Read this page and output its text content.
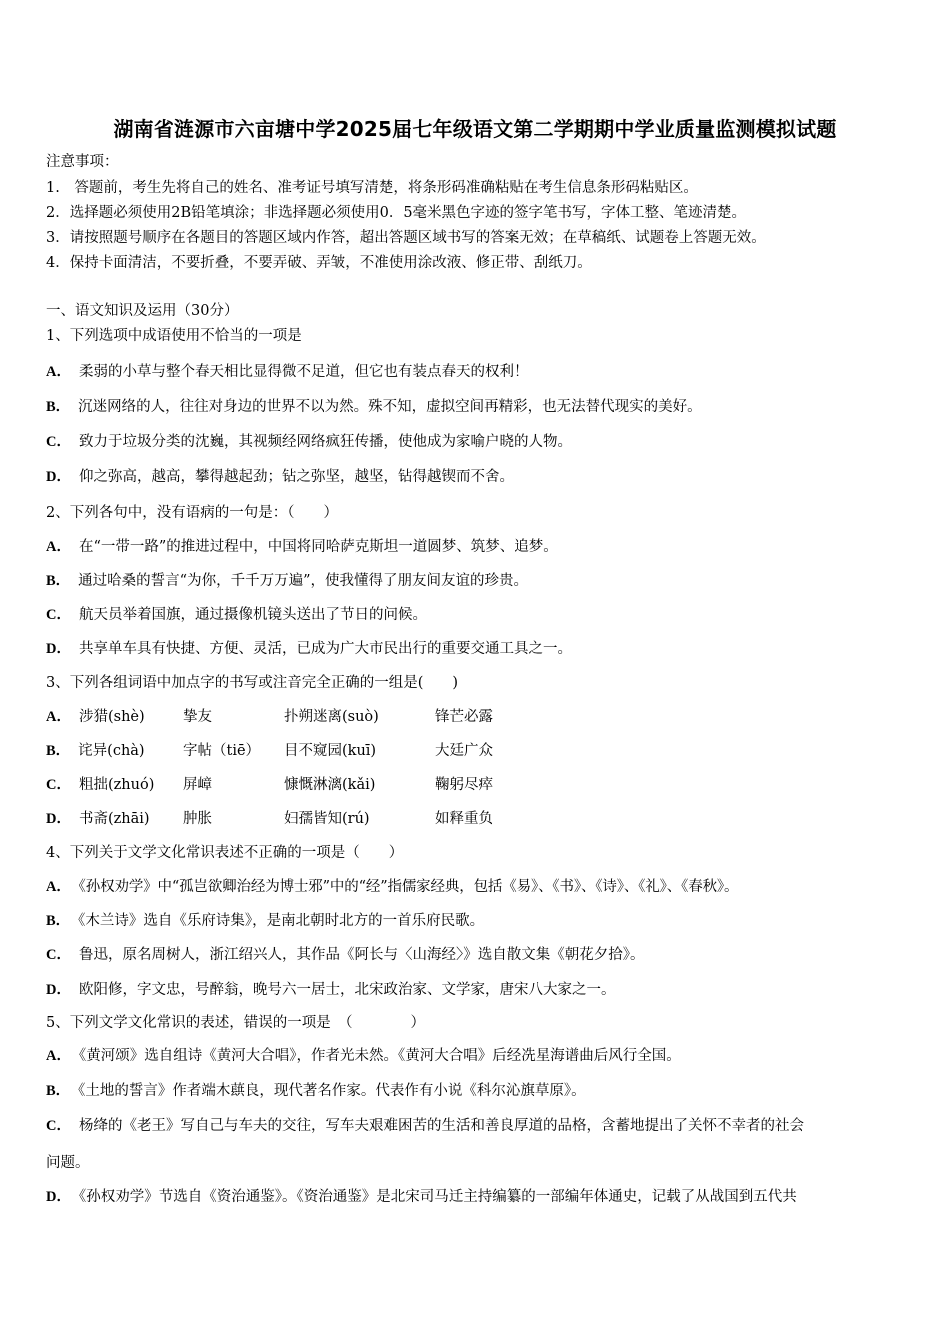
湖南省涟源市六亩塘中学2025届七年级语文第二学期期中学业质量监测模拟试题
注意事项：
1.　答题前，考生先将自己的姓名、准考证号填写清楚，将条形码准确粘贴在考生信息条形码粘贴区。
2．选择题必须使用2B铅笔填涂；非选择题必须使用0．5毫米黑色字迹的签字笔书写，字体工整、笔迹清楚。
3．请按照题号顺序在各题目的答题区域内作答，超出答题区域书写的答案无效；在草稿纸、试题卷上答题无效。
4．保持卡面清洁，不要折叠，不要弄破、弄皱，不准使用涂改液、修正带、刮纸刀。
一、语文知识及运用（30分）
1、下列选项中成语使用不恰当的一项是
A． 柔弱的小草与整个春天相比显得微不足道，但它也有装点春天的权利！
B． 沉迷网络的人，往往对身边的世界不以为然。殊不知，虚拟空间再精彩，也无法替代现实的美好。
C． 致力于垃圾分类的沈巍，其视频经网络疯狂传播，使他成为家喻户晓的人物。
D． 仰之弥高，越高，攀得越起劲；钻之弥坚，越坚，钻得越锲而不舍。
2、下列各句中，没有语病的一句是：（　　）
A． 在“一带一路”的推进过程中，中国将同哈萨克斯坦一道圆梦、筑梦、追梦。
B． 通过哈桑的誓言“为你，千千万万遍”，使我懂得了朋友间友谊的珍贵。
C． 航天员举着国旗，通过摄像机镜头送出了节日的问候。
D． 共享单车具有快捷、方便、灵活，已成为广大市民出行的重要交通工具之一。
3、下列各组词语中加点字的书写或注音完全正确的一组是(　　)
A． 涉猎(shè)	挚友	扑朔迷离(suò)	锋芒必露
B． 诧异(chà)	字帖（tiē） 目不窥园(kuī)	大廷广众
C． 粗拙(zhuó) 屏嶂	慷慨淋漓(kǎi)	鞠躬尽瘁
D． 书斋(zhāi) 肿胀	妇孺皆知(rú)	如释重负
4、下列关于文学文化常识表述不正确的一项是（　　）
A． 《孙权劝学》中“孤岂欲卿治经为博士邪”中的“经”指儒家经典，包括《易》、《书》、《诗》、《礼》、《春秋》。
B． 《木兰诗》选自《乐府诗集》，是南北朝时北方的一首乐府民歌。
C． 鲁迅，原名周树人，浙江绍兴人，其作品《阿长与〈山海经〉》选自散文集《朝花夕拾》。
D． 欧阳修，字文忠，号醉翁，晚号六一居士，北宋政治家、文学家，唐宋八大家之一。
5、下列文学文化常识的表述，错误的一项是　（　　　　）
A． 《黄河颂》选自组诗《黄河大合唱》，作者光未然。《黄河大合唱》后经冼星海谱曲后风行全国。
B． 《土地的誓言》作者端木蕻良，现代著名作家。代表作有小说《科尔沁旗草原》。
C． 杨绛的《老王》写自己与车夫的交往，写车夫艰难困苦的生活和善良厚道的品格，含蓄地提出了关怀不幸者的社会
问题。
D． 《孙权劝学》节选自《资治通鉴》。《资治通鉴》是北宋司马迁主持编纂的一部编年体通史，记载了从战国到五代共
